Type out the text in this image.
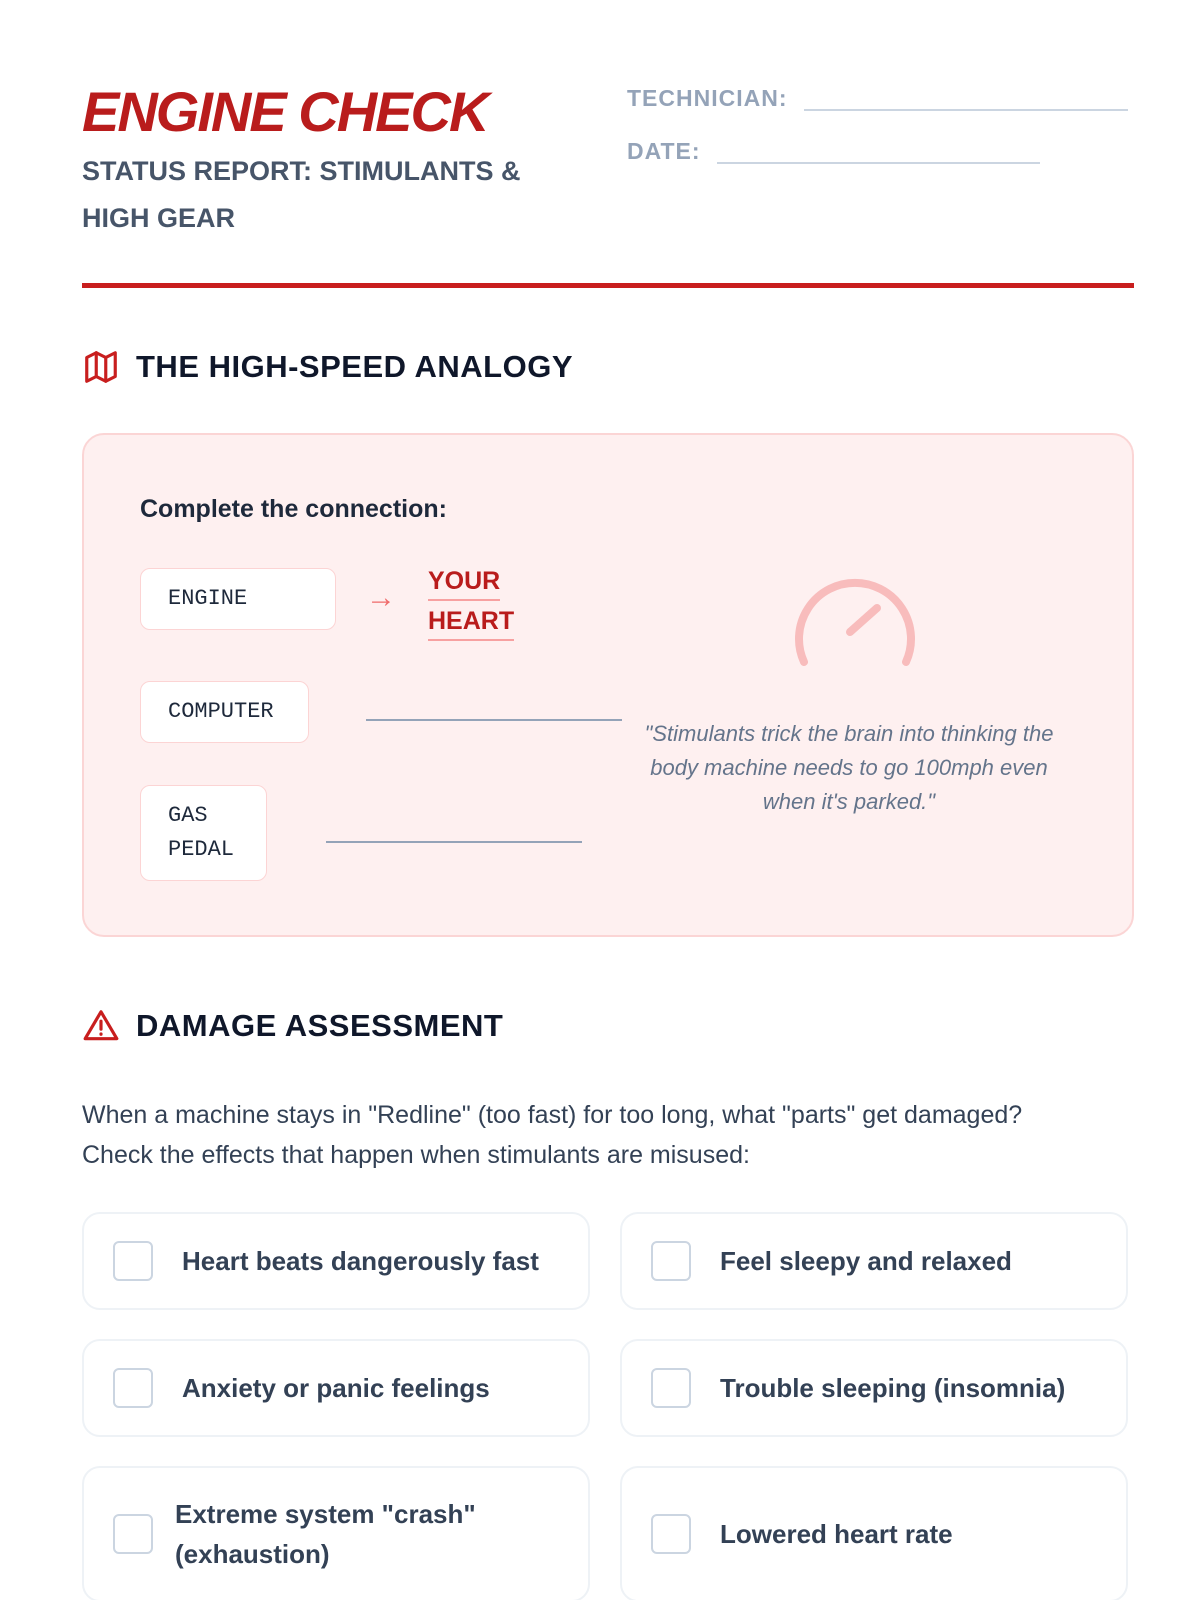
ENGINE CHECK
STATUS REPORT: STIMULANTS & HIGH GEAR
TECHNICIAN:
DATE:
THE HIGH-SPEED ANALOGY
Complete the connection:
ENGINE	→ YOUR
HEART
COMPUTER
GAS
PEDAL
"Stimulants trick the brain into thinking the body machine needs to go 100mph even when it's parked."
DAMAGE ASSESSMENT
When a machine stays in "Redline" (too fast) for too long, what "parts" get damaged? Check the effects that happen when stimulants are misused:
Heart beats dangerously fast	Feel sleepy and relaxed
Anxiety or panic feelings	Trouble sleeping (insomnia)
Extreme system "crash" (exhaustion)
Lowered heart rate
